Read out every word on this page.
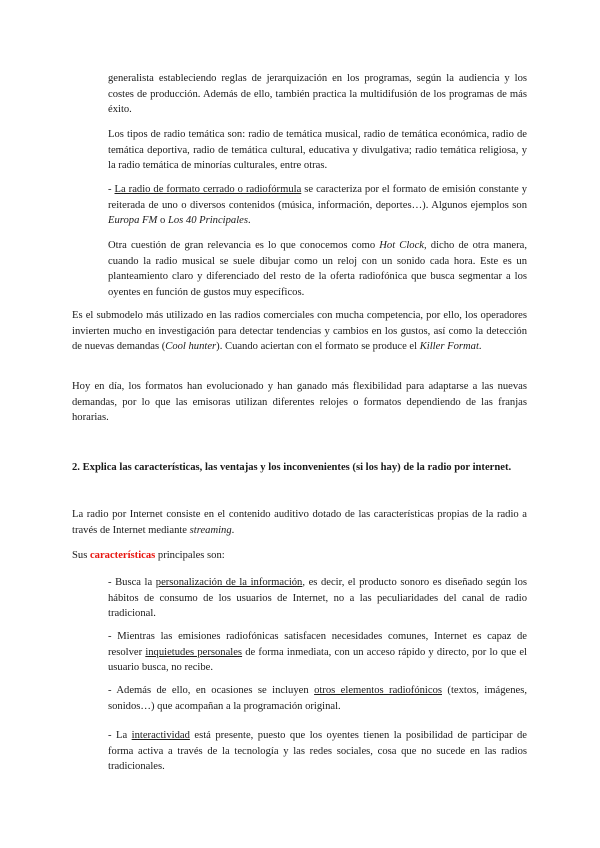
generalista estableciendo reglas de jerarquización en los programas, según la audiencia y los costes de producción. Además de ello, también practica la multidifusión de los programas de más éxito.

Los tipos de radio temática son: radio de temática musical, radio de temática económica, radio de temática deportiva, radio de temática cultural, educativa y divulgativa; radio temática religiosa, y la radio temática de minorías culturales, entre otras.

- La radio de formato cerrado o radiofórmula se caracteriza por el formato de emisión constante y reiterada de uno o diversos contenidos (música, información, deportes…). Algunos ejemplos son Europa FM o Los 40 Principales.

Otra cuestión de gran relevancia es lo que conocemos como Hot Clock, dicho de otra manera, cuando la radio musical se suele dibujar como un reloj con un sonido cada hora. Este es un planteamiento claro y diferenciado del resto de la oferta radiofónica que busca segmentar a los oyentes en función de gustos muy específicos.

Es el submodelo más utilizado en las radios comerciales con mucha competencia, por ello, los operadores invierten mucho en investigación para detectar tendencias y cambios en los gustos, así como la detección de nuevas demandas (Cool hunter). Cuando aciertan con el formato se produce el Killer Format.

Hoy en día, los formatos han evolucionado y han ganado más flexibilidad para adaptarse a las nuevas demandas, por lo que las emisoras utilizan diferentes relojes o formatos dependiendo de las franjas horarias.

2. Explica las características, las ventajas y los inconvenientes (si los hay) de la radio por internet.

La radio por Internet consiste en el contenido auditivo dotado de las características propias de la radio a través de Internet mediante streaming.

Sus características principales son:

- Busca la personalización de la información, es decir, el producto sonoro es diseñado según los hábitos de consumo de los usuarios de Internet, no a las peculiaridades del canal de radio tradicional.

- Mientras las emisiones radiofónicas satisfacen necesidades comunes, Internet es capaz de resolver inquietudes personales de forma inmediata, con un acceso rápido y directo, por lo que el usuario busca, no recibe.

- Además de ello, en ocasiones se incluyen otros elementos radiofónicos (textos, imágenes, sonidos…) que acompañan a la programación original.

- La interactividad está presente, puesto que los oyentes tienen la posibilidad de participar de forma activa a través de la tecnología y las redes sociales, cosa que no sucede en las radios tradicionales.
